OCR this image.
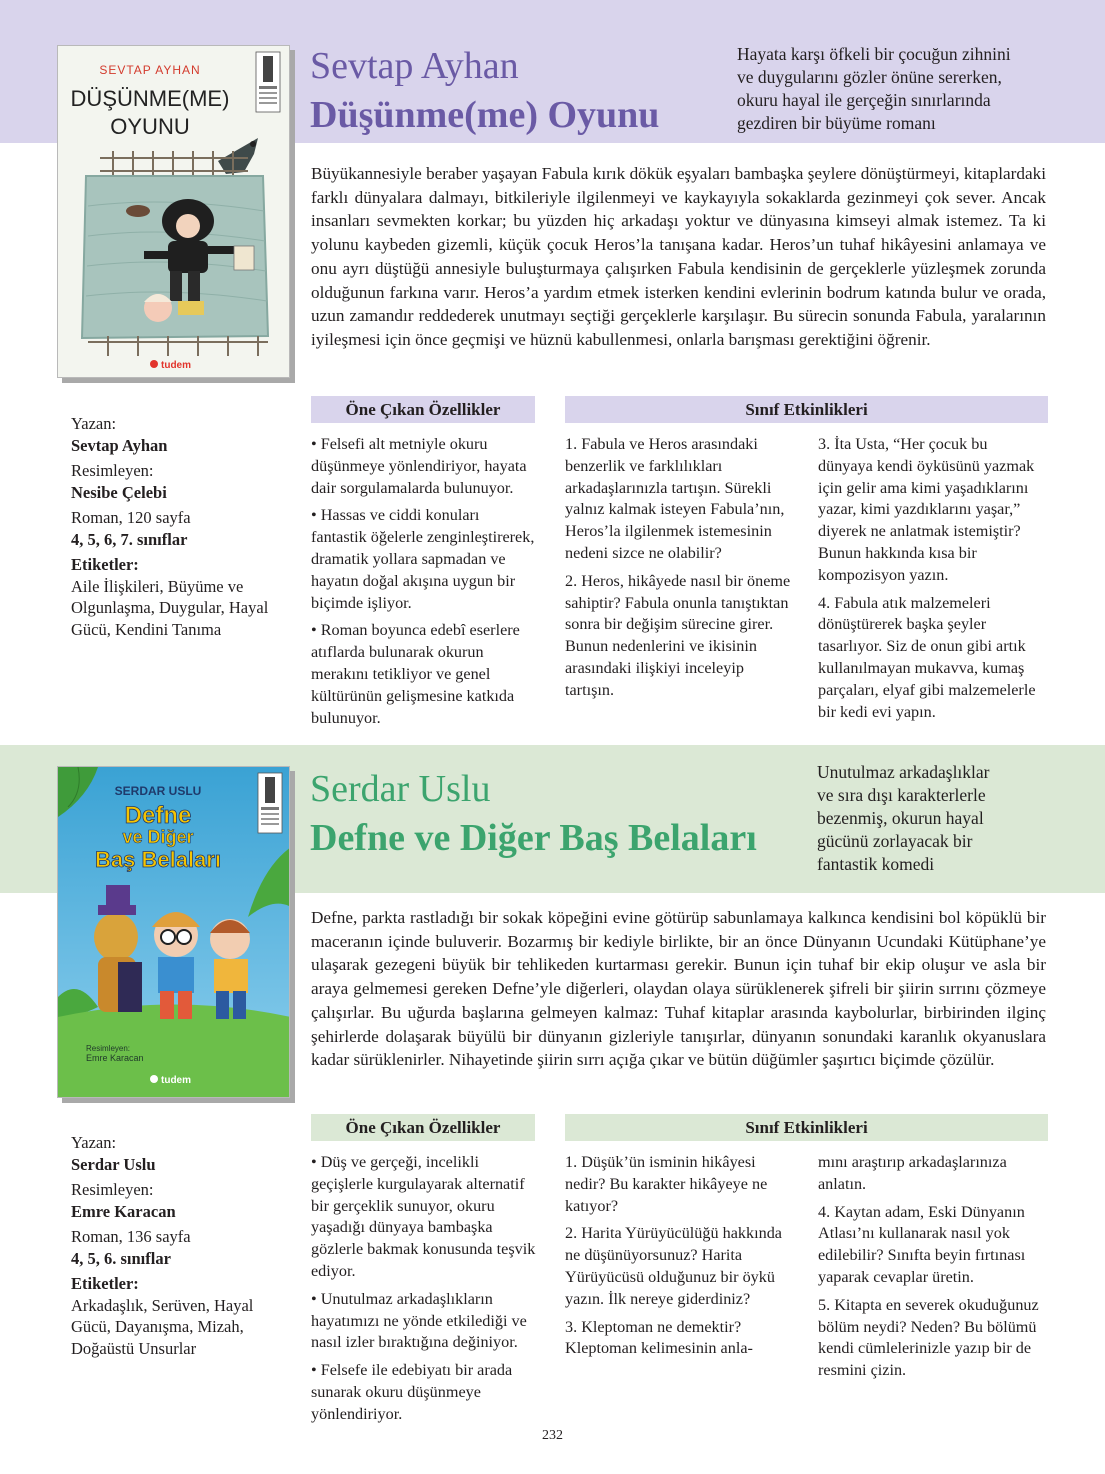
SEVTAP AYHAN
DÜŞÜNME(ME)
OYUNU
tudem
Sevtap Ayhan
Düşünme(me) Oyunu
Hayata karşı öfkeli bir çocuğun zihnini
ve duygularını gözler önüne sererken,
okuru hayal ile gerçeğin sınırlarında
gezdiren bir büyüme romanı

Büyükannesiyle beraber yaşayan Fabula kırık dökük eşyaları bambaşka şeylere dönüştürmeyi, kitaplardaki farklı dünyalara dalmayı, bitkileriyle ilgilenmeyi ve kaykayıyla sokaklarda gezinmeyi çok sever. Ancak insanları sevmekten korkar; bu yüzden hiç arkadaşı yoktur ve dünyasına kimseyi almak istemez. Ta ki yolunu kaybeden gizemli, küçük çocuk Heros’la tanışana kadar. Heros’un tuhaf hikâyesini anlamaya ve onu ayrı düştüğü annesiyle buluşturmaya çalışırken Fabula kendisinin de gerçeklerle yüzleşmek zorunda olduğunun farkına varır. Heros’a yardım etmek isterken kendini evlerinin bodrum katında bulur ve orada, uzun zamandır reddederek unutmayı seçtiği gerçeklerle karşılaşır. Bu sürecin sonunda Fabula, yaralarının iyileşmesi için önce geçmişi ve hüznü kabullenmesi, onlarla barışması gerektiğini öğrenir.

Yazan:
Sevtap Ayhan
Resimleyen:
Nesibe Çelebi
Roman, 120 sayfa
4, 5, 6, 7. sınıflar
Etiketler:
Aile İlişkileri, Büyüme ve Olgunlaşma, Duygular, Hayal Gücü, Kendini Tanıma
Öne Çıkan Özellikler	Sınıf Etkinlikleri

• Felsefi alt metniyle okuru düşünmeye yönlendiriyor, hayata dair sorgulamalarda bulunuyor.

• Hassas ve ciddi konuları fantastik öğelerle zenginleştirerek, dramatik yollara sapmadan ve hayatın doğal akışına uygun bir biçimde işliyor.

• Roman boyunca edebî eserlere atıflarda bulunarak okurun merakını tetikliyor ve genel kültürünün gelişmesine katkıda bulunuyor.

1. Fabula ve Heros arasındaki benzerlik ve farklılıkları arkadaşlarınızla tartışın. Sürekli yalnız kalmak isteyen Fabula’nın, Heros’la ilgilenmek istemesinin nedeni sizce ne olabilir?

2. Heros, hikâyede nasıl bir öneme sahiptir? Fabula onunla tanıştıktan sonra bir değişim sürecine girer. Bunun nedenlerini ve ikisinin arasındaki ilişkiyi inceleyip tartışın.

3. İta Usta, “Her çocuk bu dünyaya kendi öyküsünü yazmak için gelir ama kimi yaşadıklarını yazar, kimi yazdıklarını yaşar,” diyerek ne anlatmak istemiştir? Bunun hakkında kısa bir kompozisyon yazın.

4. Fabula atık malzemeleri dönüştürerek başka şeyler tasarlıyor. Siz de onun gibi artık kullanılmayan mukavva, kumaş parçaları, elyaf gibi malzemelerle bir kedi evi yapın.

SERDAR USLU
Defne
ve Diğer
Baş Belaları
Resimleyen:
Emre Karacan
tudem
Serdar Uslu
Defne ve Diğer Baş Belaları
Unutulmaz arkadaşlıklar
ve sıra dışı karakterlerle
bezenmiş, okurun hayal
gücünü zorlayacak bir
fantastik komedi

Defne, parkta rastladığı bir sokak köpeğini evine götürüp sabunlamaya kalkınca kendisini bol köpüklü bir maceranın içinde buluverir. Bozarmış bir kediyle birlikte, bir an önce Dünyanın Ucundaki Kütüphane’ye ulaşarak gezegeni büyük bir tehlikeden kurtarması gerekir. Bunun için tuhaf bir ekip oluşur ve asla bir araya gelmemesi gereken Defne’yle diğerleri, olaydan olaya sürüklenerek şifreli bir şiirin sırrını çözmeye çalışırlar. Bu uğurda başlarına gelmeyen kalmaz: Tuhaf kitaplar arasında kaybolurlar, birbirinden ilginç şehirlerde dolaşarak büyülü bir dünyanın gizleriyle tanışırlar, dünyanın sonundaki karanlık okyanuslara kadar sürüklenirler. Nihayetinde şiirin sırrı açığa çıkar ve bütün düğümler şaşırtıcı biçimde çözülür.

Yazan:
Serdar Uslu
Resimleyen:
Emre Karacan
Roman, 136 sayfa
4, 5, 6. sınıflar
Etiketler:
Arkadaşlık, Serüven, Hayal Gücü, Dayanışma, Mizah, Doğaüstü Unsurlar
Öne Çıkan Özellikler	Sınıf Etkinlikleri

• Düş ve gerçeği, incelikli geçişlerle kurgulayarak alternatif bir gerçeklik sunuyor, okuru yaşadığı dünyaya bambaşka gözlerle bakmak konusunda teşvik ediyor.

• Unutulmaz arkadaşlıkların hayatımızı ne yönde etkilediği ve nasıl izler bıraktığına değiniyor.

• Felsefe ile edebiyatı bir arada sunarak okuru düşünmeye yönlendiriyor.

1. Düşük’ün isminin hikâyesi nedir? Bu karakter hikâyeye ne katıyor?

2. Harita Yürüyücülüğü hakkında ne düşünüyorsunuz? Harita Yürüyücüsü olduğunuz bir öykü yazın. İlk nereye giderdiniz?

3. Kleptoman ne demektir? Kleptoman kelimesinin anla-

mını araştırıp arkadaşlarınıza anlatın.

4. Kaytan adam, Eski Dünyanın Atlası’nı kullanarak nasıl yok edilebilir? Sınıfta beyin fırtınası yaparak cevaplar üretin.

5. Kitapta en severek okuduğunuz bölüm neydi? Neden? Bu bölümü kendi cümlelerinizle yazıp bir de resmini çizin.

232
